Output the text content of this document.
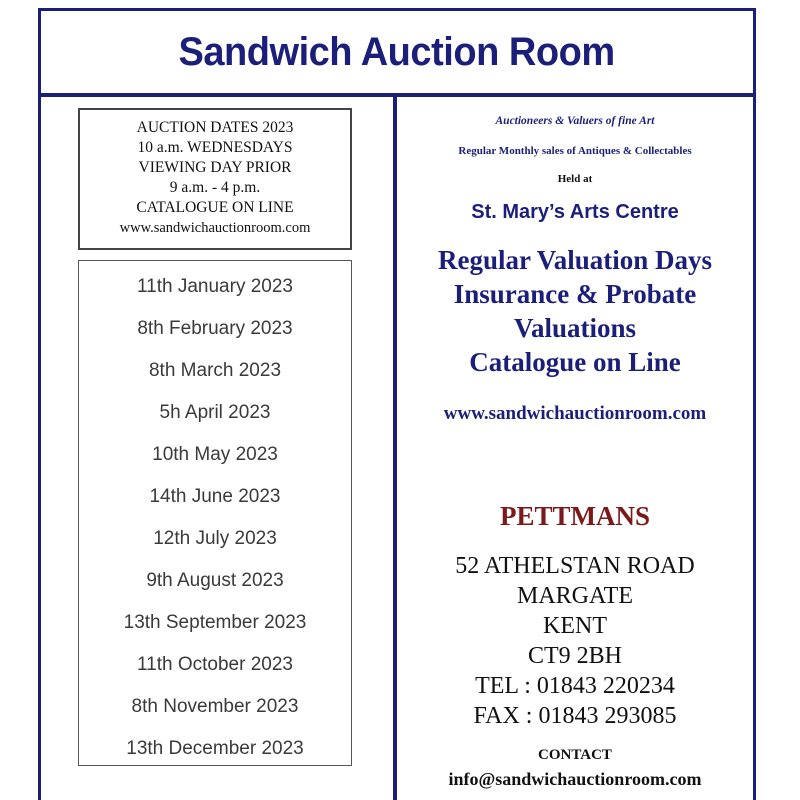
Sandwich Auction Room
AUCTION DATES 2023
10 a.m. WEDNESDAYS
VIEWING DAY PRIOR
9 a.m. - 4 p.m.
CATALOGUE ON LINE
www.sandwichauctionroom.com
11th January 2023
8th February 2023
8th March 2023
5h April 2023
10th May 2023
14th June 2023
12th July 2023
9th August 2023
13th September 2023
11th October 2023
8th November 2023
13th December 2023
Auctioneers & Valuers of fine Art
Regular Monthly sales of Antiques & Collectables
Held at
St. Mary’s Arts Centre
Regular Valuation Days
Insurance & Probate
Valuations
Catalogue on Line
www.sandwichauctionroom.com
PETTMANS
52 ATHELSTAN ROAD
MARGATE
KENT
CT9 2BH
TEL : 01843 220234
FAX : 01843 293085
CONTACT
info@sandwichauctionroom.com
